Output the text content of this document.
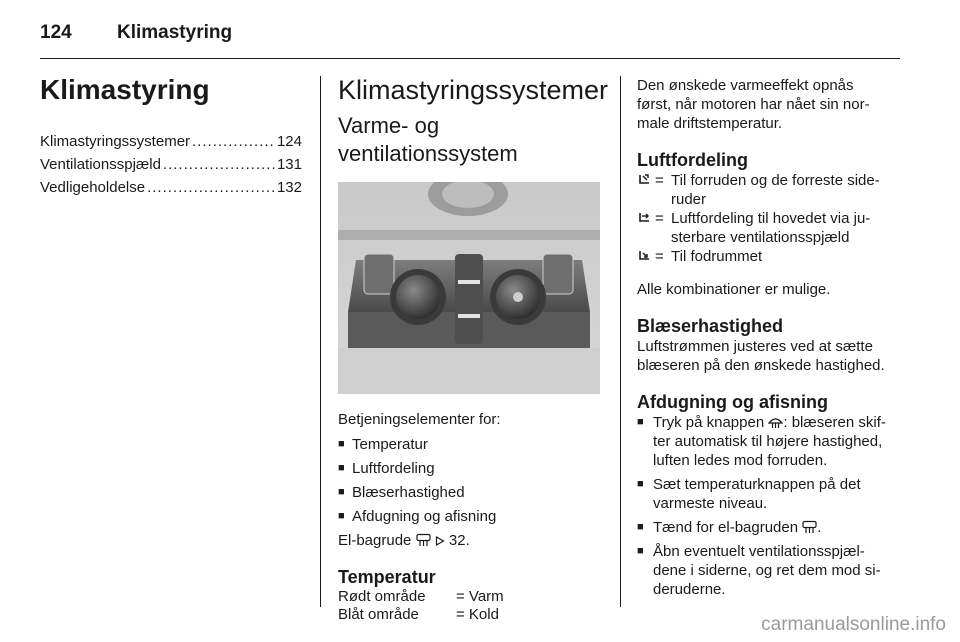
124 Klimastyring
Klimastyring
Klimastyringssystemer .....	124
Ventilationsspjæld .....	131
Vedligeholdelse .....	132
Klimastyringssystemer
Varme- og
ventilationssystem

Betjeningselementer for:

■ Temperatur
■ Luftfordeling
■ Blæserhastighed
■ Afdugning og afisning

El-bagrude	32.

Temperatur
Rødt område	= Varm
Blåt område	= Kold

Den ønskede varmeeffekt opnås
først, når motoren har nået sin nor-
male driftstemperatur.

Luftfordeling
= Til forruden og de forreste side-
ruder
= Luftfordeling til hovedet via ju-
sterbare ventilationsspjæld
= Til fodrummet

Alle kombinationer er mulige.

Blæserhastighed

Luftstrømmen justeres ved at sætte
blæseren på den ønskede hastighed.

Afdugning og afisning
■ Tryk på knappen : blæseren skif-
ter automatisk til højere hastighed,
luften ledes mod forruden.
■ Sæt temperaturknappen på det
varmeste niveau.
■ Tænd for el-bagruden .
■ Åbn eventuelt ventilationsspjæl-
dene i siderne, og ret dem mod si-
deruderne.
carmanualsonline.info
